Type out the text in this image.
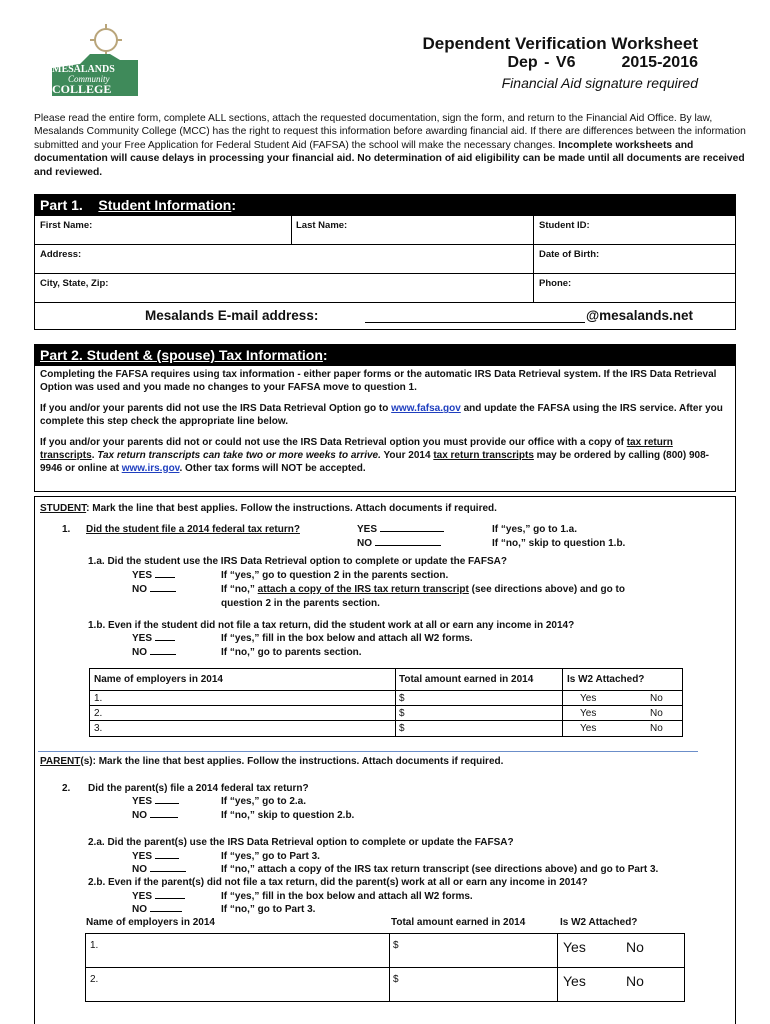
MESALANDS
Community
COLLEGE
Dependent Verification Worksheet
Dep - V6	2015-2016
Financial Aid signature required
Please read the entire form, complete ALL sections, attach the requested documentation, sign the form, and return to the Financial Aid Office. By law, Mesalands Community College (MCC) has the right to request this information before awarding financial aid. If there are differences between the information submitted and your Free Application for Federal Student Aid (FAFSA) the school will make the necessary changes. Incomplete worksheets and documentation will cause delays in processing your financial aid. No determination of aid eligibility can be made until all documents are received and reviewed.
Part 1. Student Information:
First Name:	Last Name:	Student ID:
Address:	Date of Birth:
City, State, Zip:	Phone:
Mesalands E-mail address:	@mesalands.net
Part 2. Student & (spouse) Tax Information:

Completing the FAFSA requires using tax information - either paper forms or the automatic IRS Data Retrieval system. If the IRS Data Retrieval Option was used and you made no changes to your FAFSA move to question 1.

If you and/or your parents did not use the IRS Data Retrieval Option go to www.fafsa.gov and update the FAFSA using the IRS service. After you complete this step check the appropriate line below.

If you and/or your parents did not or could not use the IRS Data Retrieval option you must provide our office with a copy of tax return transcripts. Tax return transcripts can take two or more weeks to arrive. Your 2014 tax return transcripts may be ordered by calling (800) 908-9946 or online at www.irs.gov. Other tax forms will NOT be accepted.

STUDENT: Mark the line that best applies. Follow the instructions. Attach documents if required.
1. Did the student file a 2014 federal tax return?	YES
NO
If “yes,” go to 1.a.
If “no,” skip to question 1.b.
1.a. Did the student use the IRS Data Retrieval option to complete or update the FAFSA?
YES
NO
If “yes,” go to question 2 in the parents section.
If “no,” attach a copy of the IRS tax return transcript (see directions above) and go to
question 2 in the parents section.
1.b. Even if the student did not file a tax return, did the student work at all or earn any income in 2014?
YES
NO
If “yes,” fill in the box below and attach all W2 forms.
If “no,” go to parents section.
Name of employers in 2014	Total amount earned in 2014	Is W2 Attached?
1.	$	Yes	No
2.	$	Yes	No
3.	$	Yes	No
PARENT(s): Mark the line that best applies. Follow the instructions. Attach documents if required.
2. Did the parent(s) file a 2014 federal tax return?
YES
NO
If “yes,” go to 2.a.
If “no,” skip to question 2.b.
2.a. Did the parent(s) use the IRS Data Retrieval option to complete or update the FAFSA?
YES
NO
If “yes,” go to Part 3.
If “no,” attach a copy of the IRS tax return transcript (see directions above) and go to Part 3.
2.b. Even if the parent(s) did not file a tax return, did the parent(s) work at all or earn any income in 2014?
YES
NO
If “yes,” fill in the box below and attach all W2 forms.
If “no,” go to Part 3.
Name of employers in 2014	Total amount earned in 2014	Is W2 Attached?
1.	$	Yes	No
2.	$	Yes	No
